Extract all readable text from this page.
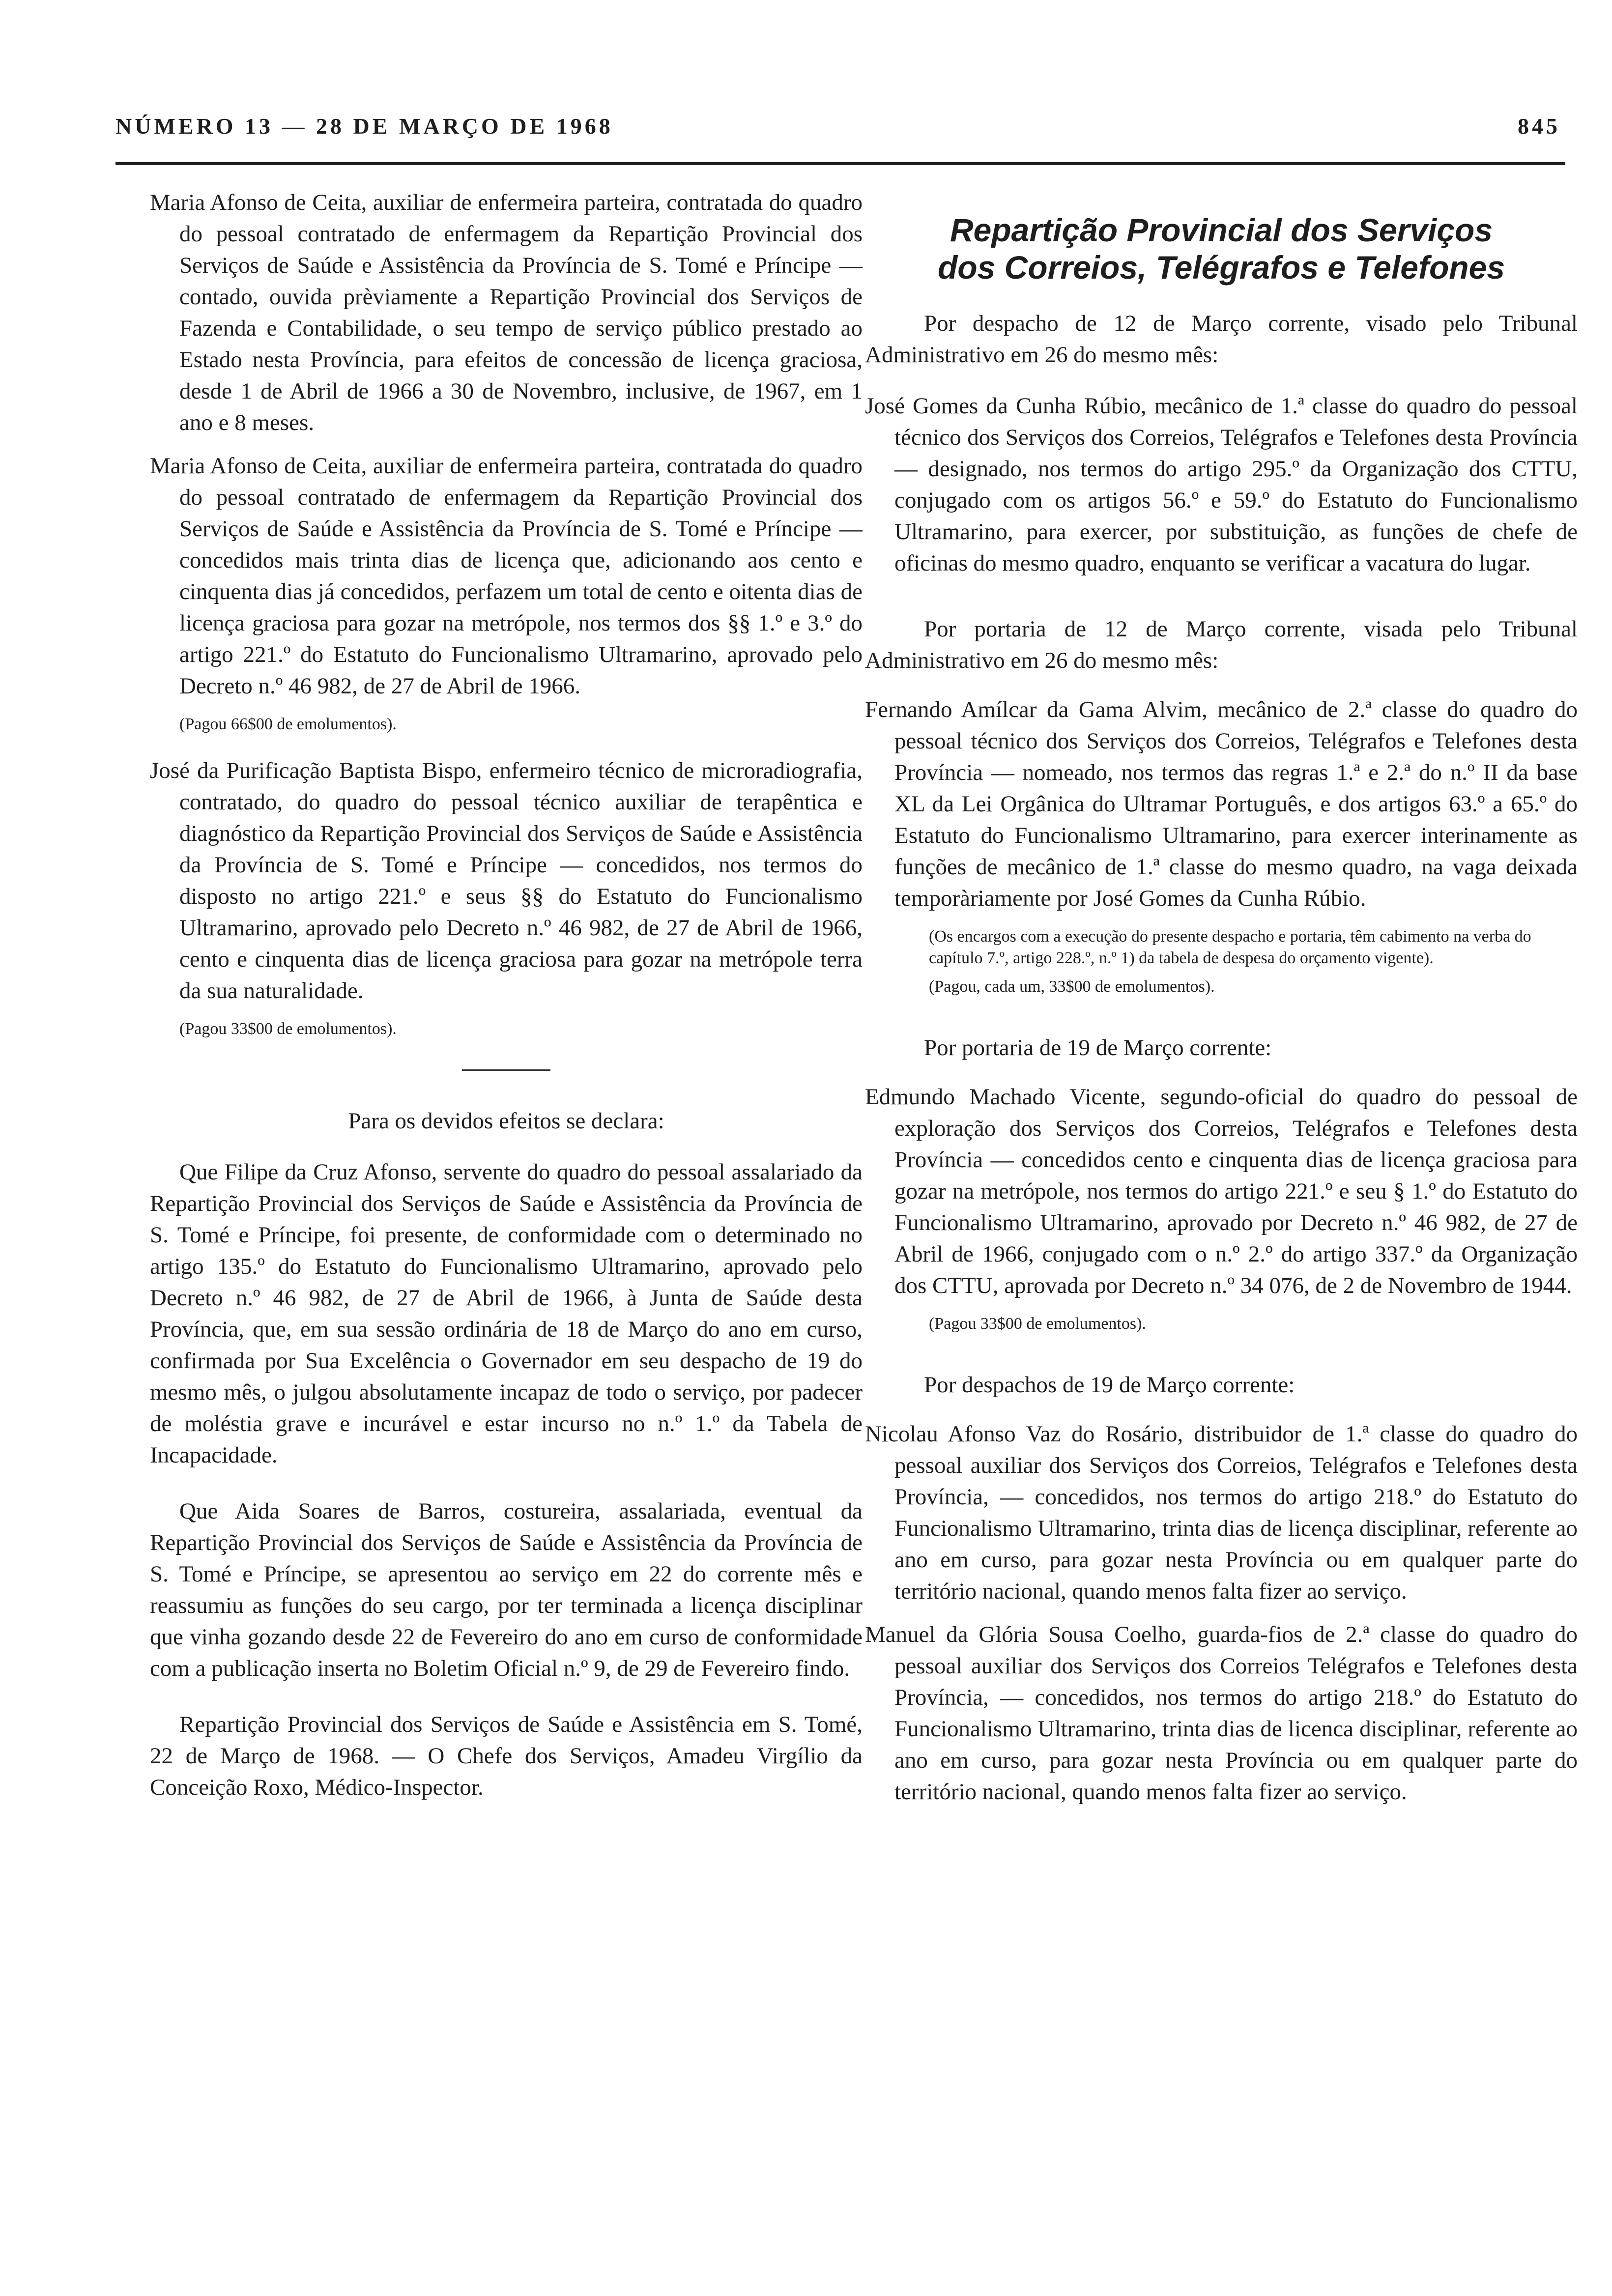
NÚMERO 13 — 28 DE MARÇO DE 1968	845

Maria Afonso de Ceita, auxiliar de enfermeira parteira, contratada do quadro do pessoal contratado de enfermagem da Repartição Provincial dos Serviços de Saúde e Assistência da Província de S. Tomé e Príncipe — contado, ouvida prèviamente a Repartição Provincial dos Serviços de Fazenda e Contabilidade, o seu tempo de serviço público prestado ao Estado nesta Província, para efeitos de concessão de licença graciosa, desde 1 de Abril de 1966 a 30 de Novembro, inclusive, de 1967, em 1 ano e 8 meses.

Maria Afonso de Ceita, auxiliar de enfermeira parteira, contratada do quadro do pessoal contratado de enfermagem da Repartição Provincial dos Serviços de Saúde e Assistência da Província de S. Tomé e Príncipe — concedidos mais trinta dias de licença que, adicionando aos cento e cinquenta dias já concedidos, perfazem um total de cento e oitenta dias de licença graciosa para gozar na metrópole, nos termos dos §§ 1.º e 3.º do artigo 221.º do Estatuto do Funcionalismo Ultramarino, aprovado pelo Decreto n.º 46 982, de 27 de Abril de 1966.

(Pagou 66$00 de emolumentos).

José da Purificação Baptista Bispo, enfermeiro técnico de microradiografia, contratado, do quadro do pessoal técnico auxiliar de terapêntica e diagnóstico da Repartição Provincial dos Serviços de Saúde e Assistência da Província de S. Tomé e Príncipe — concedidos, nos termos do disposto no artigo 221.º e seus §§ do Estatuto do Funcionalismo Ultramarino, aprovado pelo Decreto n.º 46 982, de 27 de Abril de 1966, cento e cinquenta dias de licença graciosa para gozar na metrópole terra da sua naturalidade.

(Pagou 33$00 de emolumentos).

Para os devidos efeitos se declara:

Que Filipe da Cruz Afonso, servente do quadro do pessoal assalariado da Repartição Provincial dos Serviços de Saúde e Assistência da Província de S. Tomé e Príncipe, foi presente, de conformidade com o determinado no artigo 135.º do Estatuto do Funcionalismo Ultramarino, aprovado pelo Decreto n.º 46 982, de 27 de Abril de 1966, à Junta de Saúde desta Província, que, em sua sessão ordinária de 18 de Março do ano em curso, confirmada por Sua Excelência o Governador em seu despacho de 19 do mesmo mês, o julgou absolutamente incapaz de todo o serviço, por padecer de moléstia grave e incurável e estar incurso no n.º 1.º da Tabela de Incapacidade.

Que Aida Soares de Barros, costureira, assalariada, eventual da Repartição Provincial dos Serviços de Saúde e Assistência da Província de S. Tomé e Príncipe, se apresentou ao serviço em 22 do corrente mês e reassumiu as funções do seu cargo, por ter terminada a licença disciplinar que vinha gozando desde 22 de Fevereiro do ano em curso de conformidade com a publicação inserta no Boletim Oficial n.º 9, de 29 de Fevereiro findo.

Repartição Provincial dos Serviços de Saúde e Assistência em S. Tomé, 22 de Março de 1968. — O Chefe dos Serviços, Amadeu Virgílio da Conceição Roxo, Médico-Inspector.

Repartição Provincial dos Serviços
dos Correios, Telégrafos e Telefones

Por despacho de 12 de Março corrente, visado pelo Tribunal Administrativo em 26 do mesmo mês:

José Gomes da Cunha Rúbio, mecânico de 1.ª classe do quadro do pessoal técnico dos Serviços dos Correios, Telégrafos e Telefones desta Província — designado, nos termos do artigo 295.º da Organização dos CTTU, conjugado com os artigos 56.º e 59.º do Estatuto do Funcionalismo Ultramarino, para exercer, por substituição, as funções de chefe de oficinas do mesmo quadro, enquanto se verificar a vacatura do lugar.

Por portaria de 12 de Março corrente, visada pelo Tribunal Administrativo em 26 do mesmo mês:

Fernando Amílcar da Gama Alvim, mecânico de 2.ª classe do quadro do pessoal técnico dos Serviços dos Correios, Telégrafos e Telefones desta Província — nomeado, nos termos das regras 1.ª e 2.ª do n.º II da base XL da Lei Orgânica do Ultramar Português, e dos artigos 63.º a 65.º do Estatuto do Funcionalismo Ultramarino, para exercer interinamente as funções de mecânico de 1.ª classe do mesmo quadro, na vaga deixada temporàriamente por José Gomes da Cunha Rúbio.

(Os encargos com a execução do presente despacho e portaria, têm cabimento na verba do capítulo 7.º, artigo 228.º, n.º 1) da tabela de despesa do orçamento vigente).

(Pagou, cada um, 33$00 de emolumentos).

Por portaria de 19 de Março corrente:

Edmundo Machado Vicente, segundo-oficial do quadro do pessoal de exploração dos Serviços dos Correios, Telégrafos e Telefones desta Província — concedidos cento e cinquenta dias de licença graciosa para gozar na metrópole, nos termos do artigo 221.º e seu § 1.º do Estatuto do Funcionalismo Ultramarino, aprovado por Decreto n.º 46 982, de 27 de Abril de 1966, conjugado com o n.º 2.º do artigo 337.º da Organização dos CTTU, aprovada por Decreto n.º 34 076, de 2 de Novembro de 1944.

(Pagou 33$00 de emolumentos).

Por despachos de 19 de Março corrente:

Nicolau Afonso Vaz do Rosário, distribuidor de 1.ª classe do quadro do pessoal auxiliar dos Serviços dos Correios, Telégrafos e Telefones desta Província, — concedidos, nos termos do artigo 218.º do Estatuto do Funcionalismo Ultramarino, trinta dias de licença disciplinar, referente ao ano em curso, para gozar nesta Província ou em qualquer parte do território nacional, quando menos falta fizer ao serviço.

Manuel da Glória Sousa Coelho, guarda-fios de 2.ª classe do quadro do pessoal auxiliar dos Serviços dos Correios Telégrafos e Telefones desta Província, — concedidos, nos termos do artigo 218.º do Estatuto do Funcionalismo Ultramarino, trinta dias de licenca disciplinar, referente ao ano em curso, para gozar nesta Província ou em qualquer parte do território nacional, quando menos falta fizer ao serviço.
